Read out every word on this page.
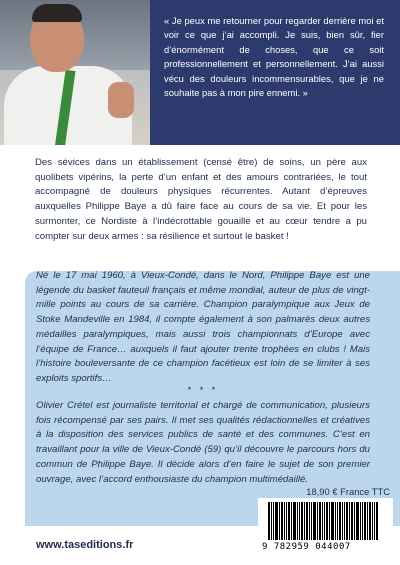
« Je peux me retourner pour regarder derrière moi et voir ce que j’ai accompli. Je suis, bien sûr, fier d’énormément de choses, que ce soit professionnellement et personnellement. J’ai aussi vécu des douleurs incommensurables, que je ne souhaite pas à mon pire ennemi. »

Des sévices dans un établissement (censé être) de soins, un père aux quolibets vipérins, la perte d’un enfant et des amours contrariées, le tout accompagné de douleurs physiques récurrentes. Autant d’épreuves auxquelles Philippe Baye a dû faire face au cours de sa vie. Et pour les surmonter, ce Nordiste à l’indécrottable gouaille et au cœur tendre a pu compter sur deux armes : sa résilience et surtout le basket !

Né le 17 mai 1960, à Vieux-Condé, dans le Nord, Philippe Baye est une légende du basket fauteuil français et même mondial, auteur de plus de vingt-mille points au cours de sa carrière. Champion paralympique aux Jeux de Stoke Mandeville en 1984, il compte également à son palmarès deux autres médailles paralympiques, mais aussi trois championnats d’Europe avec l’équipe de France… auxquels il faut ajouter trente trophées en clubs ! Mais l’histoire bouleversante de ce champion facétieux est loin de se limiter à ses exploits sportifs…

* * *

Olivier Crétel est journaliste territorial et chargé de communication, plusieurs fois récompensé par ses pairs. Il met ses qualités rédactionnelles et créatives à la disposition des services publics de santé et des communes. C’est en travaillant pour la ville de Vieux-Condé (59) qu’il découvre le parcours hors du commun de Philippe Baye. Il décide alors d’en faire le sujet de son premier ouvrage, avec l’accord enthousiaste du champion multimédaillé.

18,90 € France TTC
9 782959 044007
www.taseditions.fr
